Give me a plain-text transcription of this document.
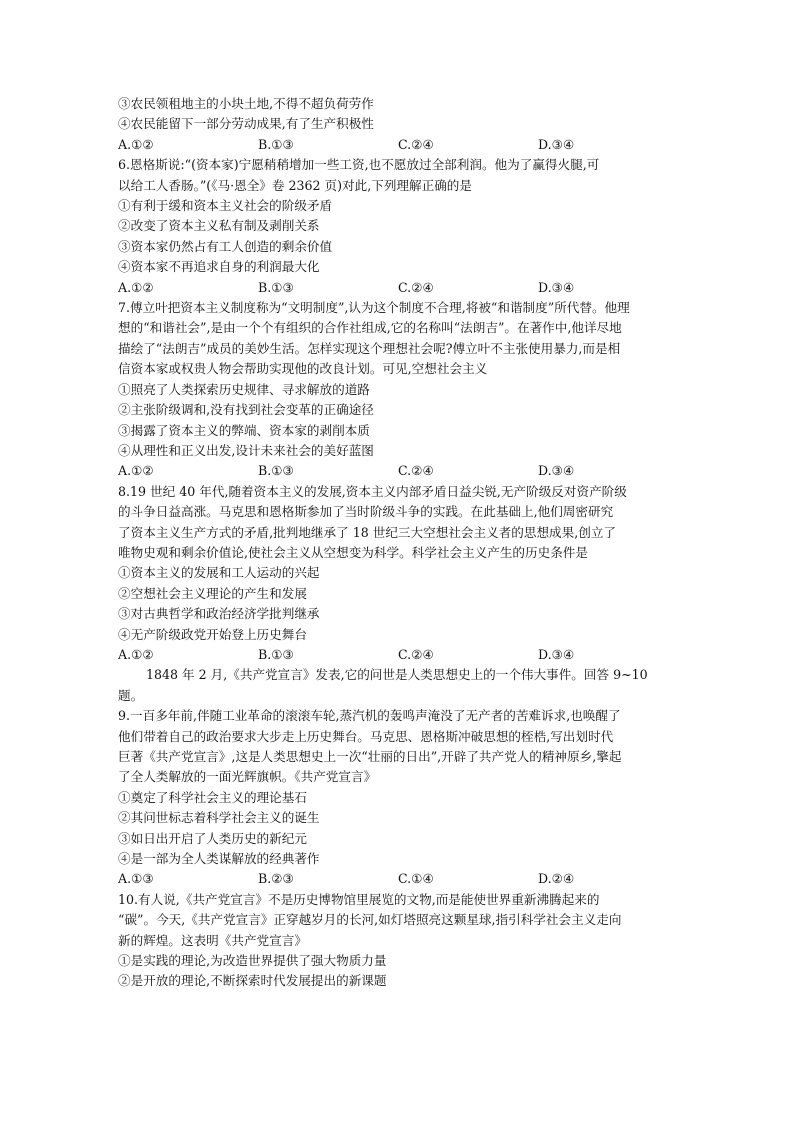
③农民领租地主的小块土地,不得不超负荷劳作
④农民能留下一部分劳动成果,有了生产积极性
A.①②	B.①③	C.②④	D.③④
6.恩格斯说:“(资本家)宁愿稍稍增加一些工资,也不愿放过全部利润。他为了赢得火腿,可
以给工人香肠。”(《马·恩全》卷 2362 页)对此,下列理解正确的是
①有利于缓和资本主义社会的阶级矛盾
②改变了资本主义私有制及剥削关系
③资本家仍然占有工人创造的剩余价值
④资本家不再追求自身的利润最大化
A.①②	B.①③	C.②④	D.③④
7.傅立叶把资本主义制度称为“文明制度”,认为这个制度不合理,将被“和谐制度”所代替。他理
想的“和谐社会”,是由一个个有组织的合作社组成,它的名称叫“法朗吉”。在著作中,他详尽地
描绘了“法朗吉”成员的美妙生活。怎样实现这个理想社会呢?傅立叶不主张使用暴力,而是相
信资本家或权贵人物会帮助实现他的改良计划。可见,空想社会主义
①照亮了人类探索历史规律、寻求解放的道路
②主张阶级调和,没有找到社会变革的正确途径
③揭露了资本主义的弊端、资本家的剥削本质
④从理性和正义出发,设计未来社会的美好蓝图
A.①②	B.①③	C.②④	D.③④
8.19 世纪 40 年代,随着资本主义的发展,资本主义内部矛盾日益尖锐,无产阶级反对资产阶级
的斗争日益高涨。马克思和恩格斯参加了当时阶级斗争的实践。在此基础上,他们周密研究
了资本主义生产方式的矛盾,批判地继承了 18 世纪三大空想社会主义者的思想成果,创立了
唯物史观和剩余价值论,使社会主义从空想变为科学。科学社会主义产生的历史条件是
①资本主义的发展和工人运动的兴起
②空想社会主义理论的产生和发展
③对古典哲学和政治经济学批判继承
④无产阶级政党开始登上历史舞台
A.①②	B.①③	C.②④	D.③④
1848 年 2 月,《共产党宣言》发表,它的问世是人类思想史上的一个伟大事件。回答 9~10
题。
9.一百多年前,伴随工业革命的滚滚车轮,蒸汽机的轰鸣声淹没了无产者的苦难诉求,也唤醒了
他们带着自己的政治要求大步走上历史舞台。马克思、恩格斯冲破思想的桎梏,写出划时代
巨著《共产党宣言》,这是人类思想史上一次“壮丽的日出”,开辟了共产党人的精神原乡,擎起
了全人类解放的一面光辉旗帜。《共产党宣言》
①奠定了科学社会主义的理论基石
②其问世标志着科学社会主义的诞生
③如日出开启了人类历史的新纪元
④是一部为全人类谋解放的经典著作
A.①③	B.②③	C.①④	D.②④
10.有人说,《共产党宣言》不是历史博物馆里展览的文物,而是能使世界重新沸腾起来的
“碳”。今天,《共产党宣言》正穿越岁月的长河,如灯塔照亮这颗星球,指引科学社会主义走向
新的辉煌。这表明《共产党宣言》
①是实践的理论,为改造世界提供了强大物质力量
②是开放的理论,不断探索时代发展提出的新课题
